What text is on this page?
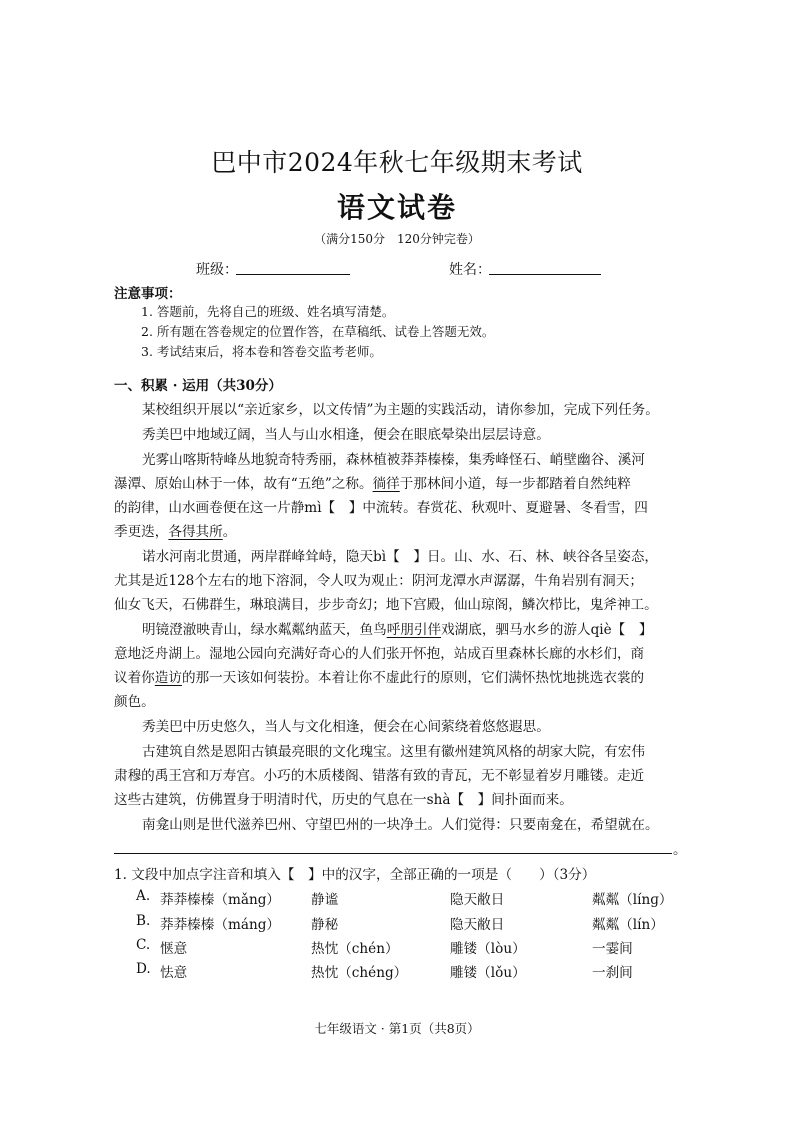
巴中市2024年秋七年级期末考试
语文试卷
（满分150分　120分钟完卷）
班级：	姓名：
注意事项：
1. 答题前，先将自己的班级、姓名填写清楚。
2. 所有题在答卷规定的位置作答，在草稿纸、试卷上答题无效。
3. 考试结束后，将本卷和答卷交监考老师。
一、积累 · 运用（共30分）
某校组织开展以“亲近家乡，以文传情”为主题的实践活动，请你参加，完成下列任务。
秀美巴中地域辽阔，当人与山水相逢，便会在眼底晕染出层层诗意。
光雾山喀斯特峰丛地貌奇特秀丽，森林植被莽莽榛榛，集秀峰怪石、峭壁幽谷、溪河
瀑潭、原始山林于一体，故有“五绝”之称。徜徉于那林间小道，每一步都踏着自然纯粹
的韵律，山水画卷便在这一片静mì【　】中流转。春赏花、秋观叶、夏避暑、冬看雪，四
季更迭，各得其所。
诺水河南北贯通，两岸群峰耸峙，隐天bì【　】日。山、水、石、林、峡谷各呈姿态，
尤其是近128个左右的地下溶洞，令人叹为观止：阴河龙潭水声潺潺，牛角岩别有洞天；
仙女飞天，石佛群生，琳琅满目，步步奇幻；地下宫殿，仙山琼阁，鳞次栉比，鬼斧神工。
明镜澄澈映青山，绿水粼粼纳蓝天，鱼鸟呼朋引伴戏湖底，驷马水乡的游人qiè【　】
意地泛舟湖上。湿地公园向充满好奇心的人们张开怀抱，站成百里森林长廊的水杉们，商
议着你造访的那一天该如何装扮。本着让你不虚此行的原则，它们满怀热忱地挑选衣裳的
颜色。
秀美巴中历史悠久，当人与文化相逢，便会在心间萦绕着悠悠遐思。
古建筑自然是恩阳古镇最亮眼的文化瑰宝。这里有徽州建筑风格的胡家大院，有宏伟
肃穆的禹王宫和万寿宫。小巧的木质楼阁、错落有致的青瓦，无不彰显着岁月雕镂。走近
这些古建筑，仿佛置身于明清时代，历史的气息在一shà【　】间扑面而来。
南龛山则是世代滋养巴州、守望巴州的一块净土。人们觉得：只要南龛在，希望就在。
。
1. 文段中加点字注音和填入【　】中的汉字，全部正确的一项是（　　）（3分）
A. 莽莽榛榛（mǎng） 静谧	隐天敝日	粼粼（línɡ）
B. 莽莽榛榛（máng） 静秘	隐天敝日	粼粼（lín）
C. 惬意	热忱（chén）	雕镂（lòu）	一霎间
D. 怯意	热忱（chéng）	雕镂（lǒu）	一刹间
七年级语文 · 第1页（共8页）
